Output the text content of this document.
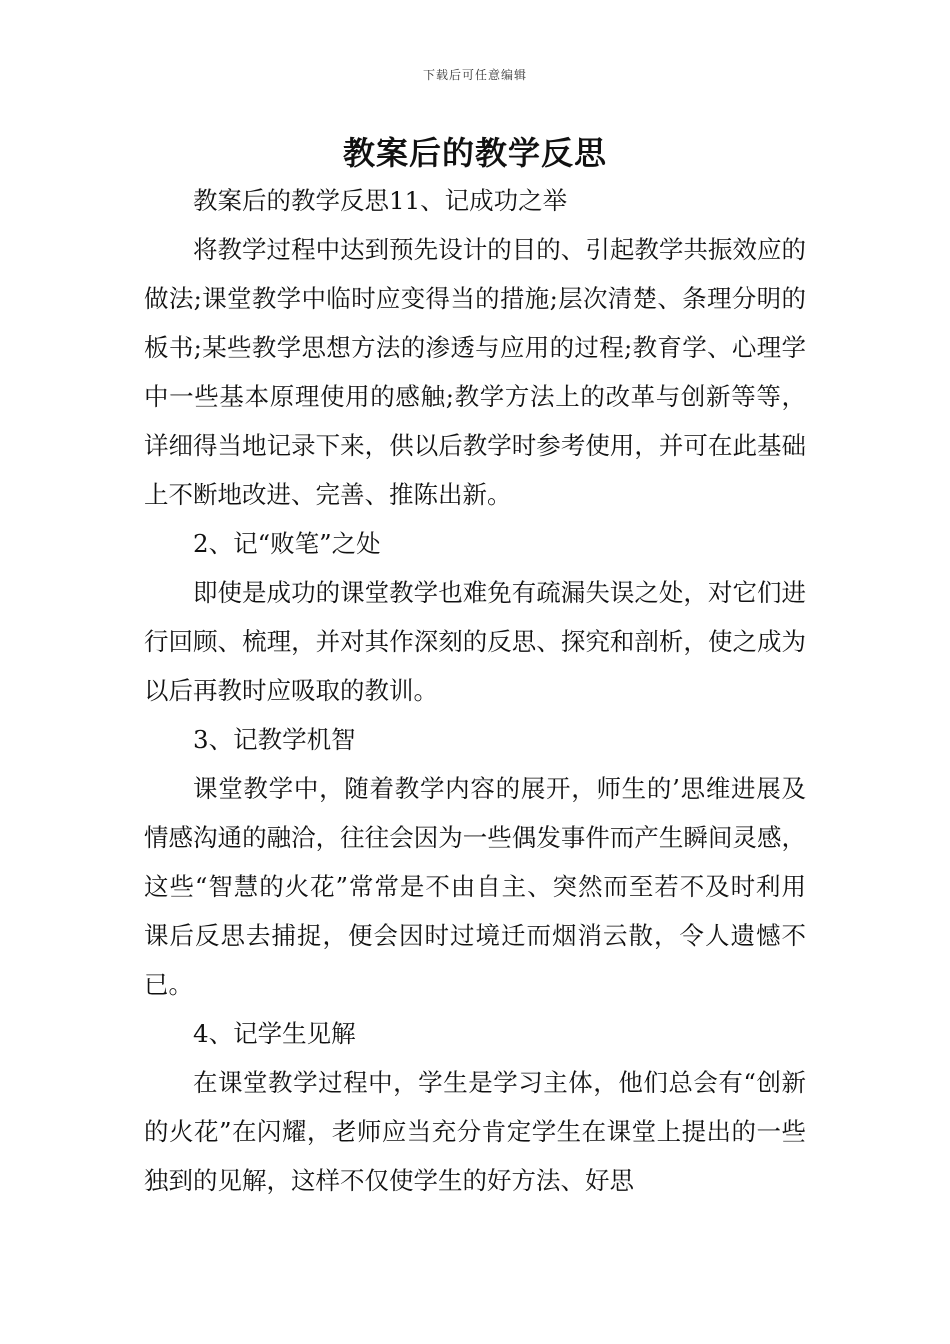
下载后可任意编辑
教案后的教学反思

教案后的教学反思11、记成功之举

将教学过程中达到预先设计的目的、引起教学共振效应的做法;课堂教学中临时应变得当的措施;层次清楚、条理分明的板书;某些教学思想方法的渗透与应用的过程;教育学、心理学中一些基本原理使用的感触;教学方法上的改革与创新等等，详细得当地记录下来，供以后教学时参考使用，并可在此基础上不断地改进、完善、推陈出新。

2、记“败笔”之处

即使是成功的课堂教学也难免有疏漏失误之处，对它们进行回顾、梳理，并对其作深刻的反思、探究和剖析，使之成为以后再教时应吸取的教训。

3、记教学机智

课堂教学中，随着教学内容的展开，师生的’思维进展及情感沟通的融洽，往往会因为一些偶发事件而产生瞬间灵感，这些“智慧的火花”常常是不由自主、突然而至若不及时利用课后反思去捕捉，便会因时过境迁而烟消云散，令人遗憾不已。

4、记学生见解

在课堂教学过程中，学生是学习主体，他们总会有“创新的火花”在闪耀，老师应当充分肯定学生在课堂上提出的一些独到的见解，这样不仅使学生的好方法、好思
